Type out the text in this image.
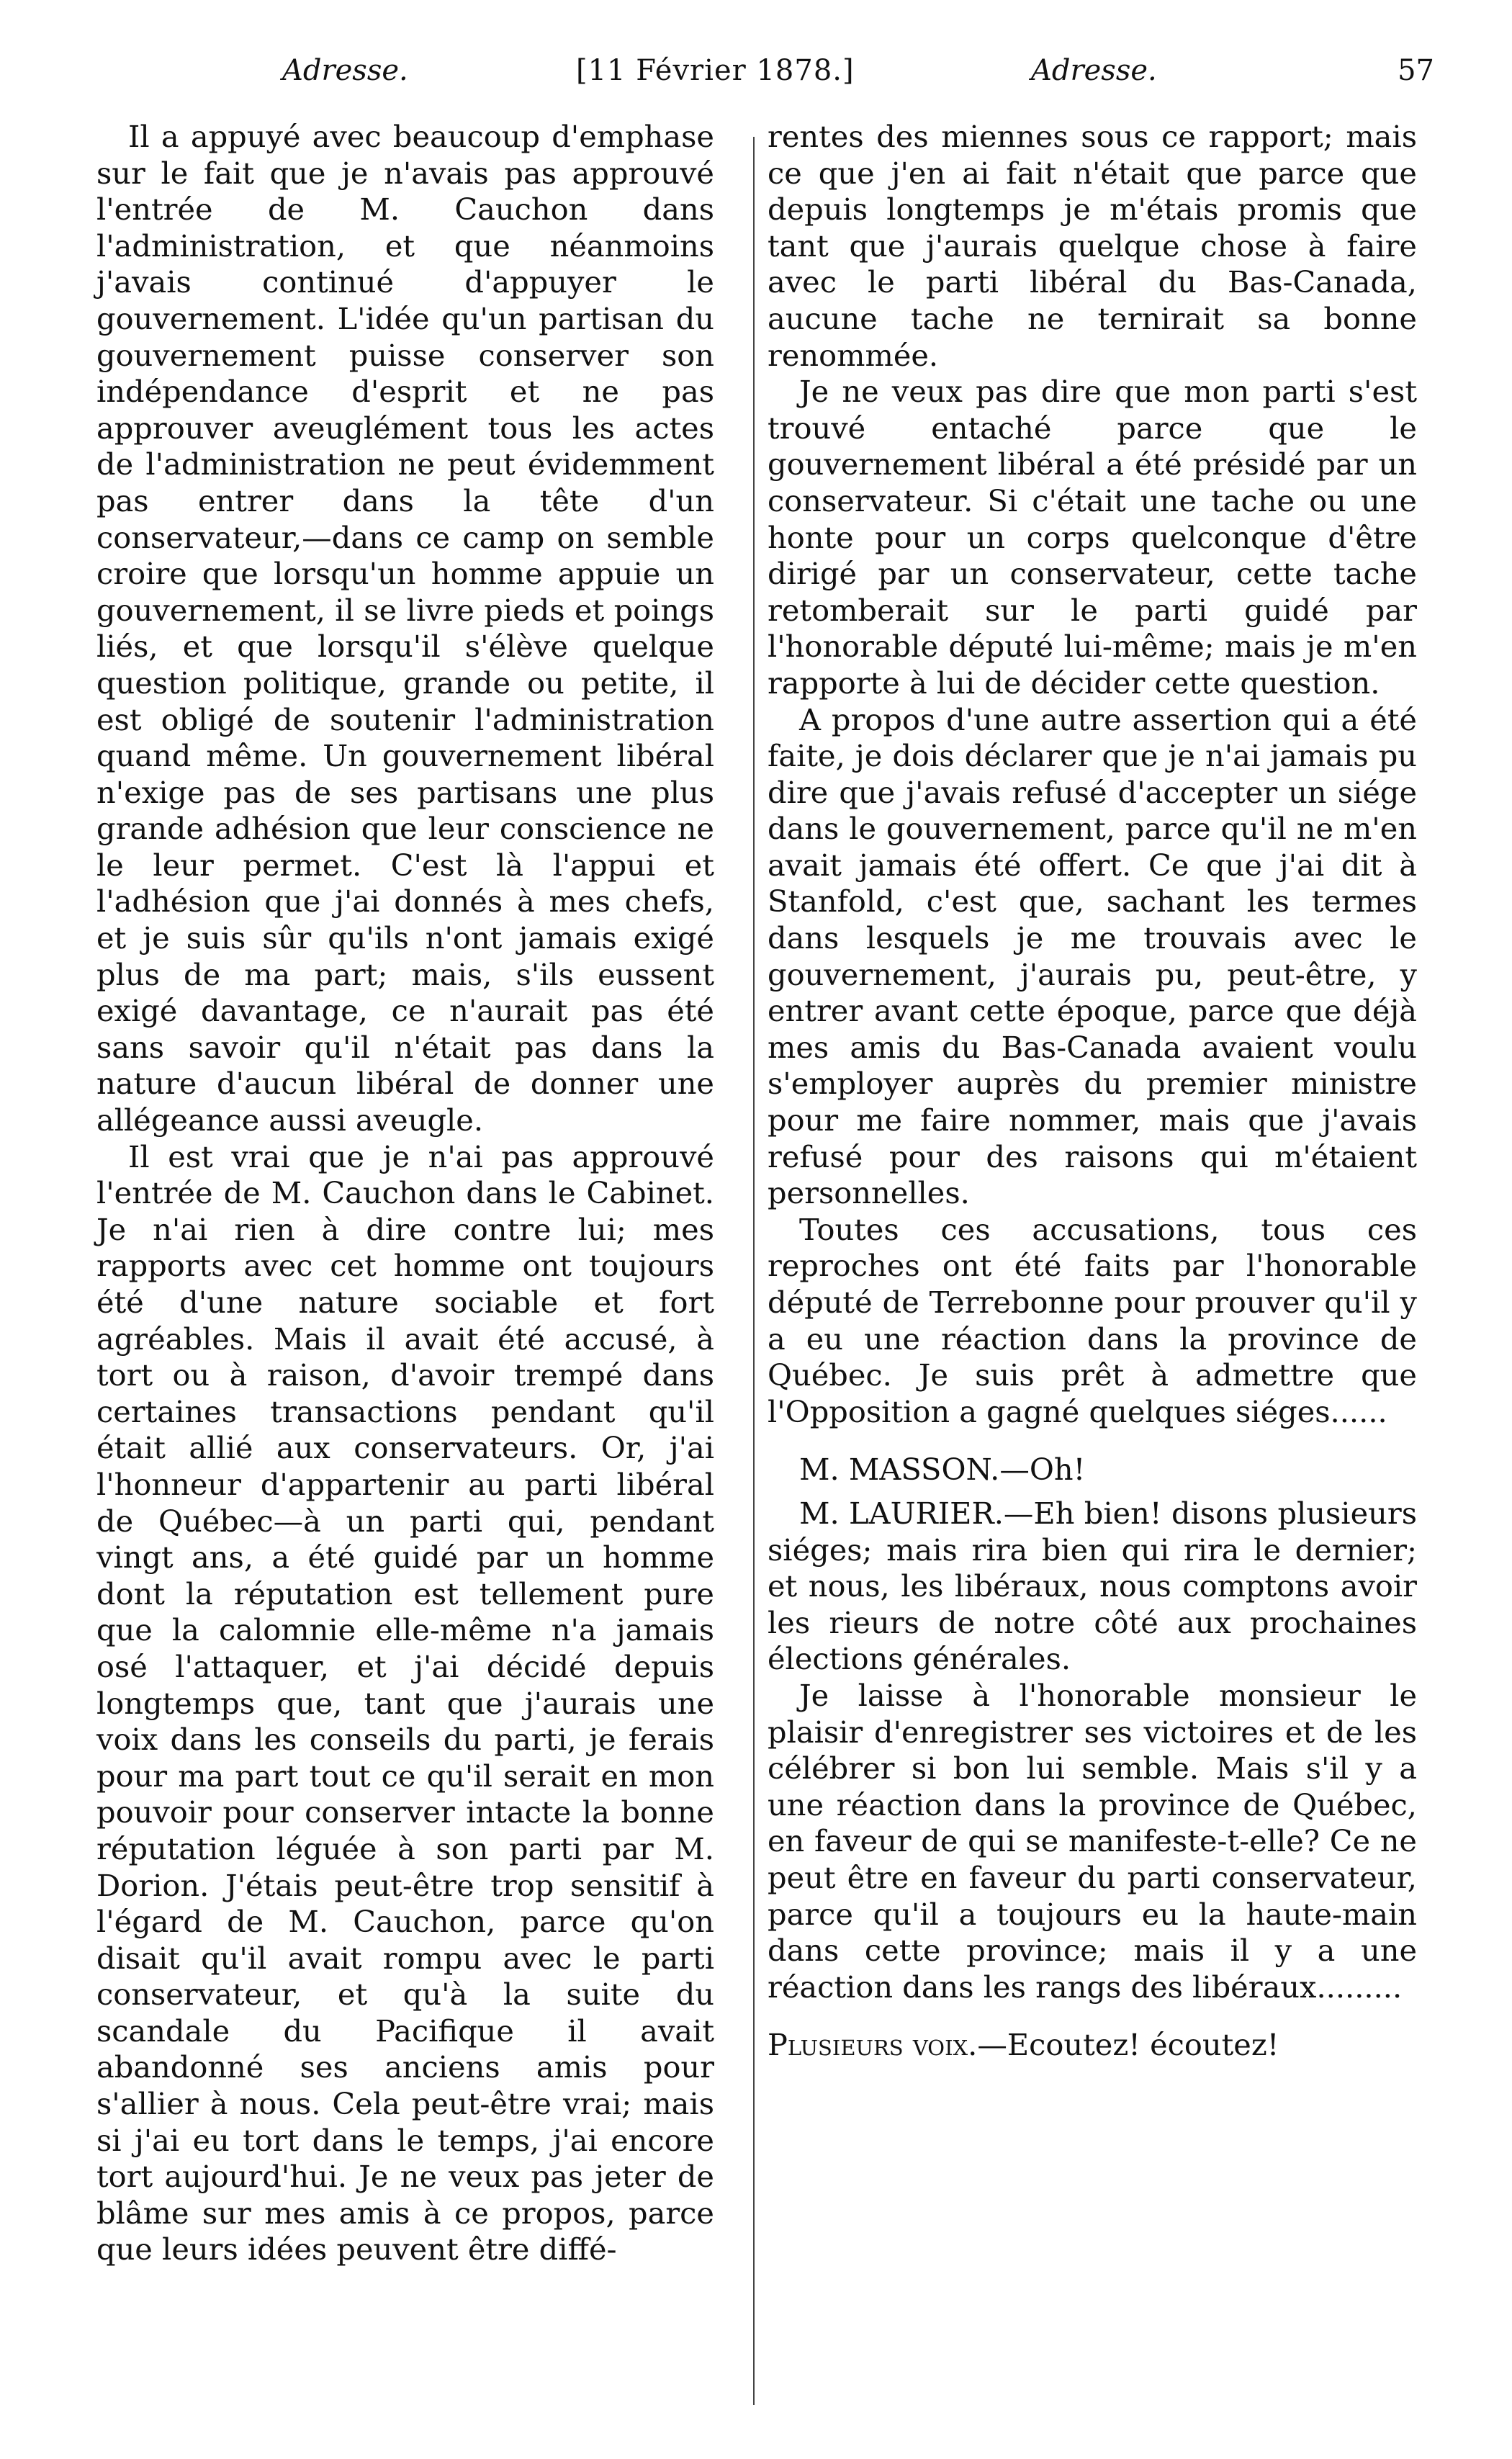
Adresse.	[11 Février 1878.]	Adresse.	57

Il a appuyé avec beaucoup d'emphase sur le fait que je n'avais pas approuvé l'entrée de M. Cauchon dans l'administration, et que néanmoins j'avais continué d'appuyer le gouvernement. L'idée qu'un partisan du gouvernement puisse conserver son indépendance d'esprit et ne pas approuver aveuglément tous les actes de l'administration ne peut évidemment pas entrer dans la tête d'un conservateur,—dans ce camp on semble croire que lorsqu'un homme appuie un gouvernement, il se livre pieds et poings liés, et que lorsqu'il s'élève quelque question politique, grande ou petite, il est obligé de soutenir l'administration quand même. Un gouvernement libéral n'exige pas de ses partisans une plus grande adhésion que leur conscience ne le leur permet. C'est là l'appui et l'adhésion que j'ai donnés à mes chefs, et je suis sûr qu'ils n'ont jamais exigé plus de ma part; mais, s'ils eussent exigé davantage, ce n'aurait pas été sans savoir qu'il n'était pas dans la nature d'aucun libéral de donner une allégeance aussi aveugle.

Il est vrai que je n'ai pas approuvé l'entrée de M. Cauchon dans le Cabinet. Je n'ai rien à dire contre lui; mes rapports avec cet homme ont toujours été d'une nature sociable et fort agréables. Mais il avait été accusé, à tort ou à raison, d'avoir trempé dans certaines transactions pendant qu'il était allié aux conservateurs. Or, j'ai l'honneur d'appartenir au parti libéral de Québec—à un parti qui, pendant vingt ans, a été guidé par un homme dont la réputation est tellement pure que la calomnie elle-même n'a jamais osé l'attaquer, et j'ai décidé depuis longtemps que, tant que j'aurais une voix dans les conseils du parti, je ferais pour ma part tout ce qu'il serait en mon pouvoir pour conserver intacte la bonne réputation léguée à son parti par M. Dorion. J'étais peut-être trop sensitif à l'égard de M. Cauchon, parce qu'on disait qu'il avait rompu avec le parti conservateur, et qu'à la suite du scandale du Pacifique il avait abandonné ses anciens amis pour s'allier à nous. Cela peut-être vrai; mais si j'ai eu tort dans le temps, j'ai encore tort aujourd'hui. Je ne veux pas jeter de blâme sur mes amis à ce propos, parce que leurs idées peuvent être diffé-

rentes des miennes sous ce rapport; mais ce que j'en ai fait n'était que parce que depuis longtemps je m'étais promis que tant que j'aurais quelque chose à faire avec le parti libéral du Bas-Canada, aucune tache ne ternirait sa bonne renommée.

Je ne veux pas dire que mon parti s'est trouvé entaché parce que le gouvernement libéral a été présidé par un conservateur. Si c'était une tache ou une honte pour un corps quelconque d'être dirigé par un conservateur, cette tache retomberait sur le parti guidé par l'honorable député lui-même; mais je m'en rapporte à lui de décider cette question.

A propos d'une autre assertion qui a été faite, je dois déclarer que je n'ai jamais pu dire que j'avais refusé d'accepter un siége dans le gouvernement, parce qu'il ne m'en avait jamais été offert. Ce que j'ai dit à Stanfold, c'est que, sachant les termes dans lesquels je me trouvais avec le gouvernement, j'aurais pu, peut-être, y entrer avant cette époque, parce que déjà mes amis du Bas-Canada avaient voulu s'employer auprès du premier ministre pour me faire nommer, mais que j'avais refusé pour des raisons qui m'étaient personnelles.

Toutes ces accusations, tous ces reproches ont été faits par l'honorable député de Terrebonne pour prouver qu'il y a eu une réaction dans la province de Québec. Je suis prêt à admettre que l'Opposition a gagné quelques siéges......

M. MASSON.—Oh!

M. LAURIER.—Eh bien! disons plusieurs siéges; mais rira bien qui rira le dernier; et nous, les libéraux, nous comptons avoir les rieurs de notre côté aux prochaines élections générales.

Je laisse à l'honorable monsieur le plaisir d'enregistrer ses victoires et de les célébrer si bon lui semble. Mais s'il y a une réaction dans la province de Québec, en faveur de qui se manifeste-t-elle? Ce ne peut être en faveur du parti conservateur, parce qu'il a toujours eu la haute-main dans cette province; mais il y a une réaction dans les rangs des libéraux.........

Plusieurs voix.—Ecoutez! écoutez!
